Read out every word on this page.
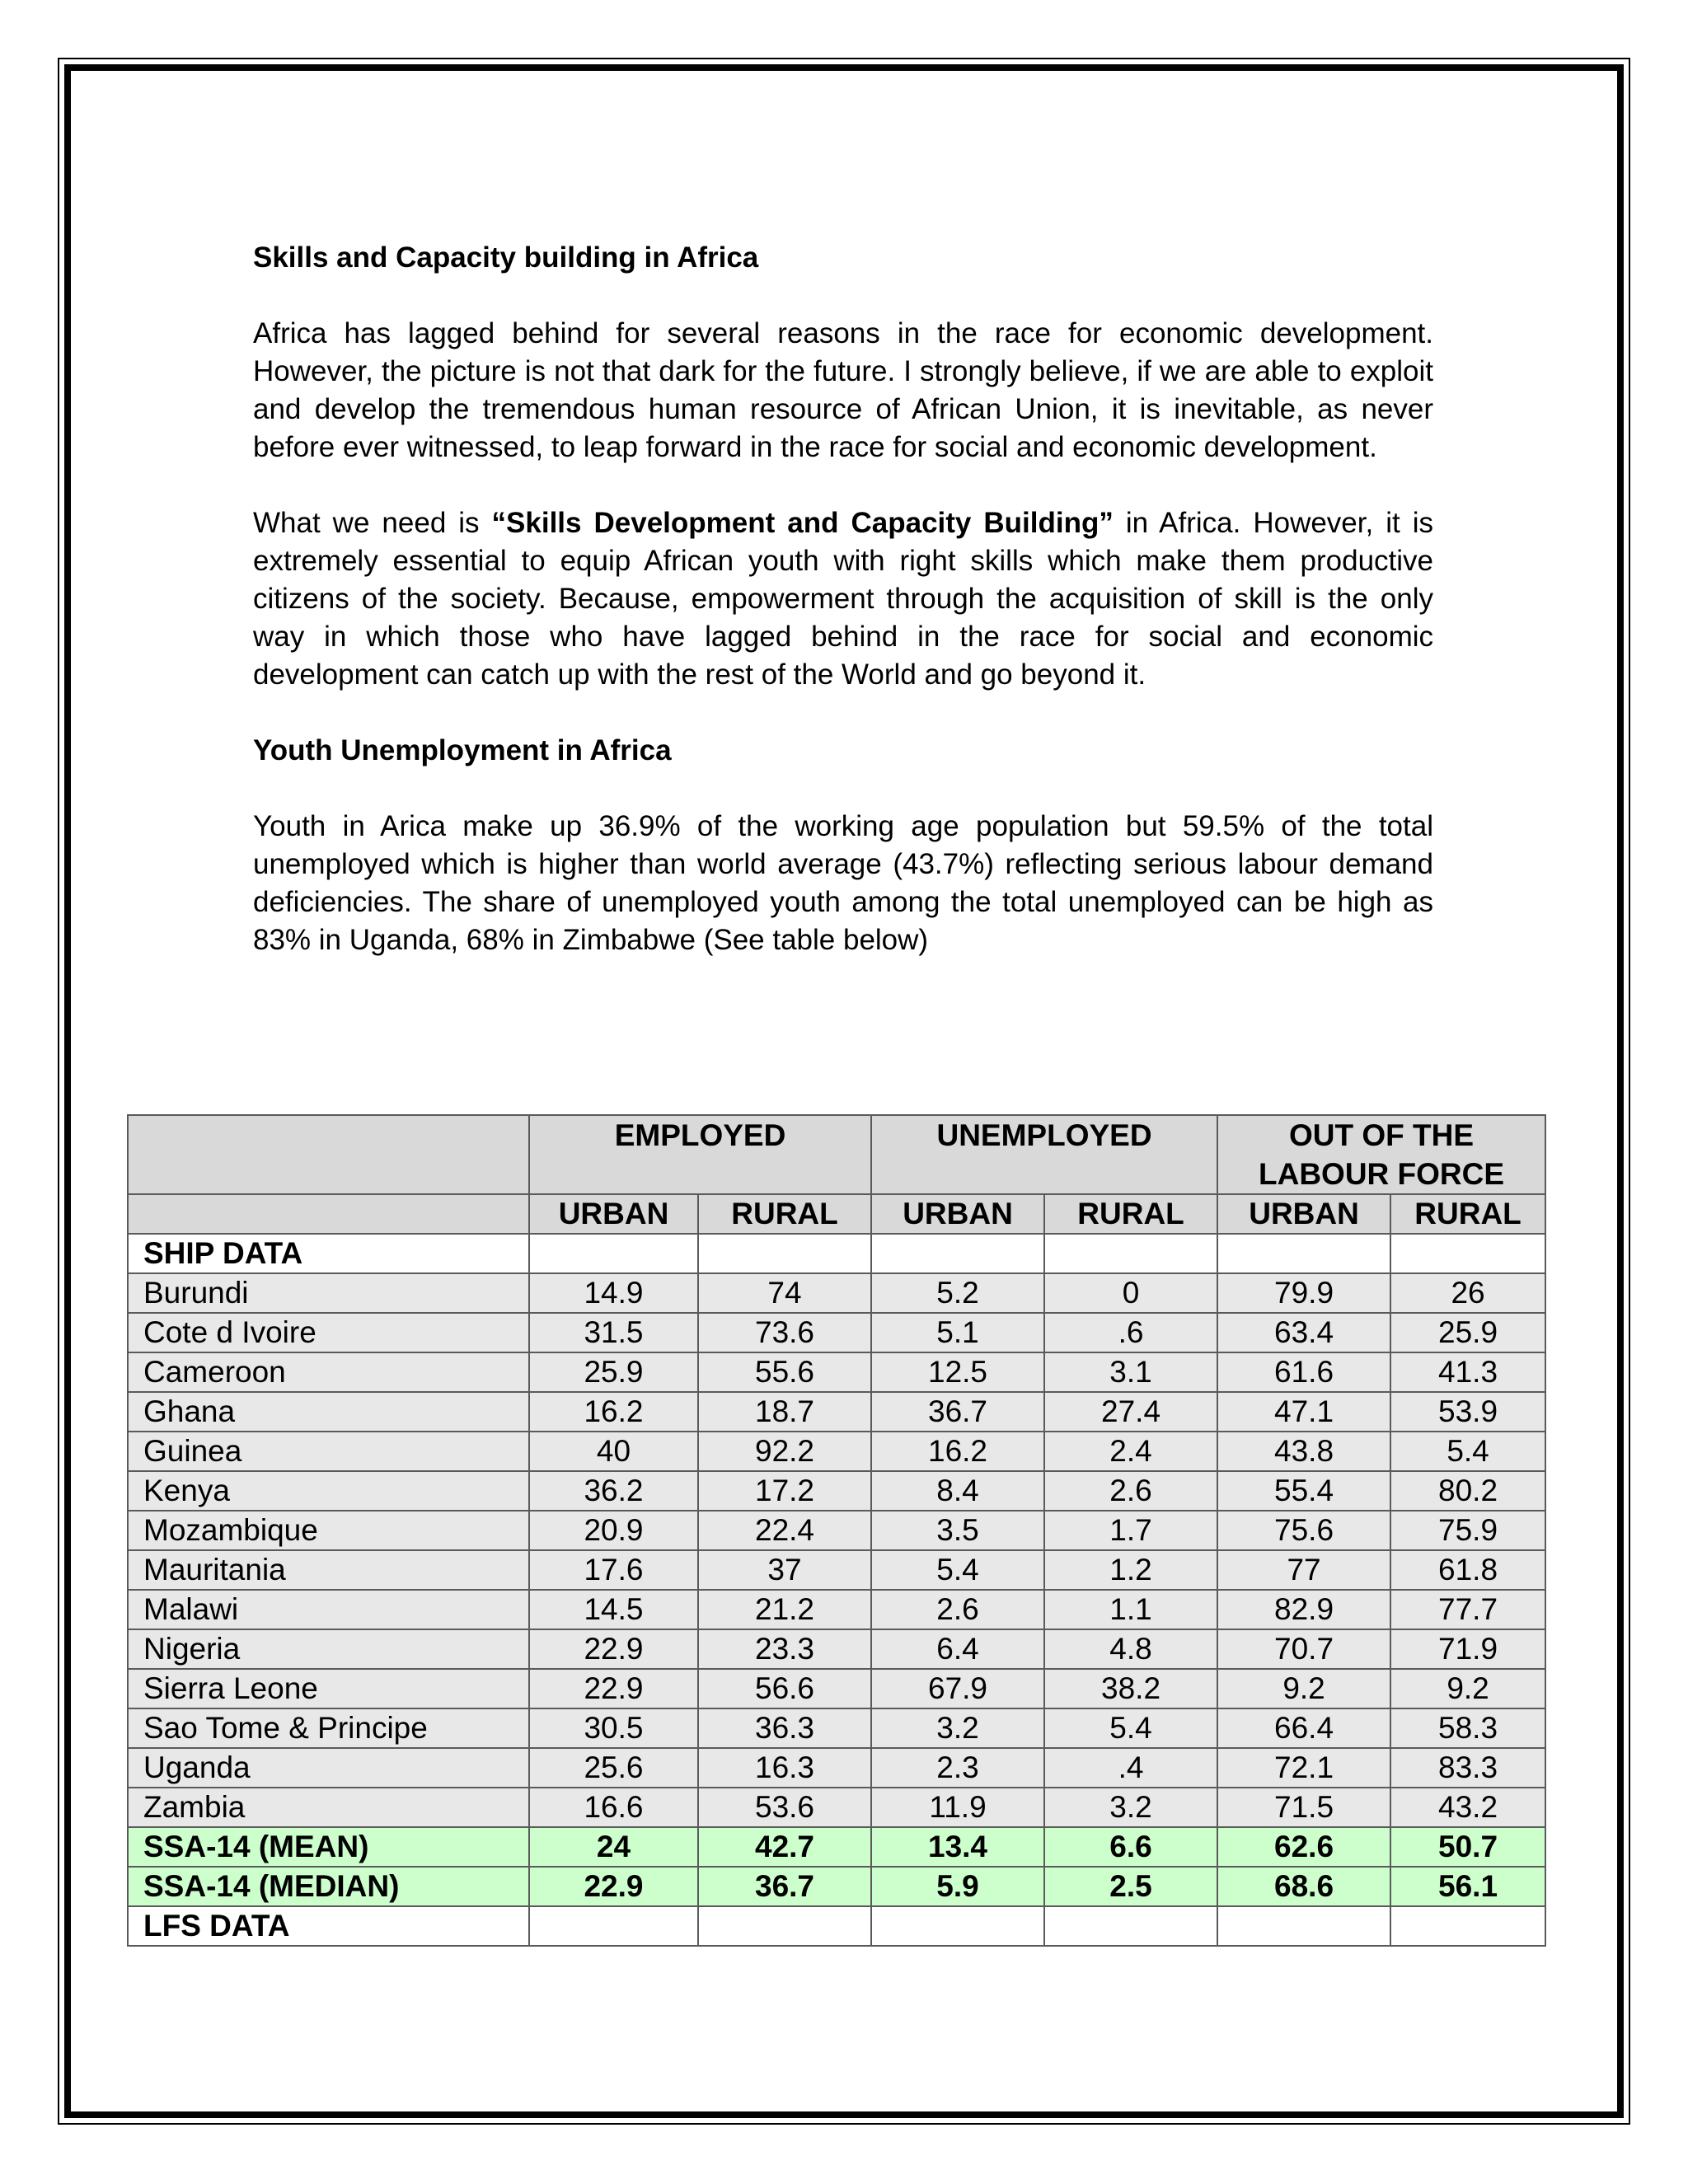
Skills and Capacity building in Africa

Africa has lagged behind for several reasons in the race for economic development. However, the picture is not that dark for the future. I strongly believe, if we are able to exploit and develop the tremendous human resource of African Union, it is inevitable, as never before ever witnessed, to leap forward in the race for social and economic development.

What we need is “Skills Development and Capacity Building” in Africa. However, it is extremely essential to equip African youth with right skills which make them productive citizens of the society. Because, empowerment through the acquisition of skill is the only way in which those who have lagged behind in the race for social and economic development can catch up with the rest of the World and go beyond it.

Youth Unemployment in Africa

Youth in Arica make up 36.9% of the working age population but 59.5% of the total unemployed which is higher than world average (43.7%) reflecting serious labour demand deficiencies. The share of unemployed youth among the total unemployed can be high as 83% in Uganda, 68% in Zimbabwe (See table below)

	EMPLOYED		UNEMPLOYED		OUT OF THE LABOUR FORCE	
	URBAN	RURAL	URBAN	RURAL	URBAN	RURAL
SHIP DATA						
Burundi	14.9	74	5.2	0	79.9	26
Cote d Ivoire	31.5	73.6	5.1	.6	63.4	25.9
Cameroon	25.9	55.6	12.5	3.1	61.6	41.3
Ghana	16.2	18.7	36.7	27.4	47.1	53.9
Guinea	40	92.2	16.2	2.4	43.8	5.4
Kenya	36.2	17.2	8.4	2.6	55.4	80.2
Mozambique	20.9	22.4	3.5	1.7	75.6	75.9
Mauritania	17.6	37	5.4	1.2	77	61.8
Malawi	14.5	21.2	2.6	1.1	82.9	77.7
Nigeria	22.9	23.3	6.4	4.8	70.7	71.9
Sierra Leone	22.9	56.6	67.9	38.2	9.2	9.2
Sao Tome & Principe	30.5	36.3	3.2	5.4	66.4	58.3
Uganda	25.6	16.3	2.3	.4	72.1	83.3
Zambia	16.6	53.6	11.9	3.2	71.5	43.2
SSA-14 (MEAN)	24	42.7	13.4	6.6	62.6	50.7
SSA-14 (MEDIAN)	22.9	36.7	5.9	2.5	68.6	56.1
LFS DATA						
